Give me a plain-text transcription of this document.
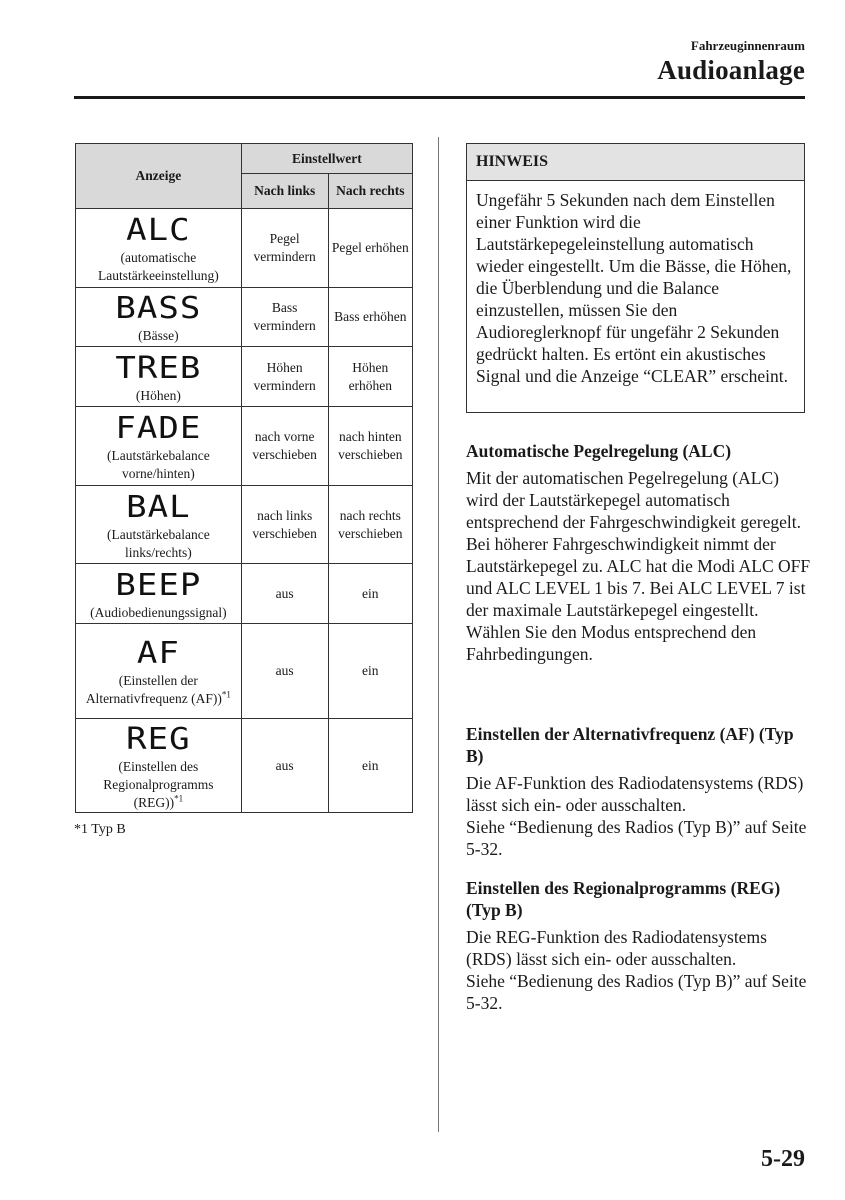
Fahrzeuginnenraum
Audioanlage
Anzeige	Einstellwert	
	Nach links	Nach rechts

ALC
(automatische Lautstärkeeinstellung)	Pegel vermindern	Pegel erhöhen

BASS
(Bässe)	Bass vermindern	Bass erhöhen

TREB
(Höhen)	Höhen vermindern	Höhen erhöhen

FADE
(Lautstärkebalance vorne/hinten)	nach vorne verschieben	nach hinten verschieben

BAL
(Lautstärkebalance links/rechts)	nach links verschieben	nach rechts verschieben

BEEP
(Audiobedienungssignal)	aus	ein

AF
(Einstellen der Alternativfrequenz (AF))$^{*1}$	aus	ein

REG
(Einstellen des Regionalprogramms (REG))$^{*1}$	aus	ein
*1 Typ B
HINWEIS
Ungefähr 5 Sekunden nach dem Einstellen einer Funktion wird die Lautstärkepegeleinstellung automatisch wieder eingestellt. Um die Bässe, die Höhen, die Überblendung und die Balance einzustellen, müssen Sie den Audioreglerknopf für ungefähr 2 Sekunden gedrückt halten. Es ertönt ein akustisches Signal und die Anzeige “CLEAR” erscheint.

Automatische Pegelregelung (ALC)

Mit der automatischen Pegelregelung (ALC) wird der Lautstärkepegel automatisch entsprechend der Fahrgeschwindigkeit geregelt. Bei höherer Fahrgeschwindigkeit nimmt der Lautstärkepegel zu. ALC hat die Modi ALC OFF und ALC LEVEL 1 bis 7. Bei ALC LEVEL 7 ist der maximale Lautstärkepegel eingestellt. Wählen Sie den Modus entsprechend den Fahrbedingungen.

Einstellen der Alternativfrequenz (AF) (Typ B)

Die AF-Funktion des Radiodatensystems (RDS) lässt sich ein- oder ausschalten.

Siehe “Bedienung des Radios (Typ B)” auf Seite 5-32.

Einstellen des Regionalprogramms (REG) (Typ B)

Die REG-Funktion des Radiodatensystems (RDS) lässt sich ein- oder ausschalten.

Siehe “Bedienung des Radios (Typ B)” auf Seite 5-32.

5-29
